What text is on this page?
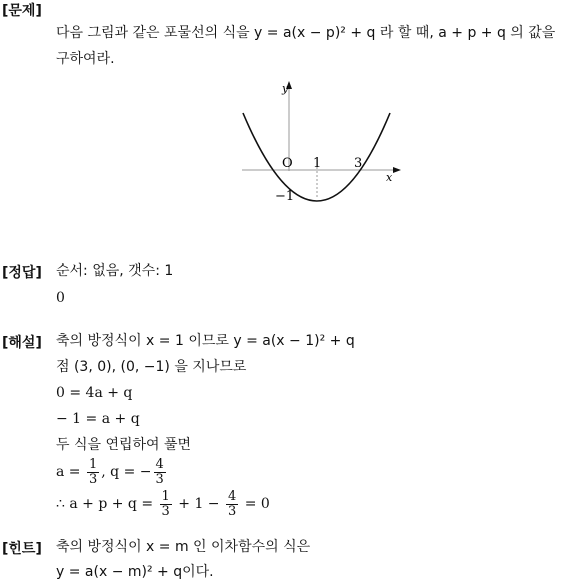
[문제]
다음 그림과 같은 포물선의 식을 y = a(x − p)² + q 라 할 때, a + p + q 의 값을
구하여라.
y
x
O 1	3
−1
[정답] 순서: 없음, 갯수: 1
0
[해설] 축의 방정식이 x = 1 이므로 y = a(x − 1)² + q
점 (3, 0), (0, −1) 을 지나므로
0 = 4a + q
− 1 = a + q
두 식을 연립하여 풀면
$a = \frac{1}{3}$ , q = − $\frac{4}{3}$
∴ $a + p + q = \frac{1}{3} + 1 - \frac{4}{3} = 0$
[힌트] 축의 방정식이 x = m 인 이차함수의 식은
y = a(x − m)² + q이다.
